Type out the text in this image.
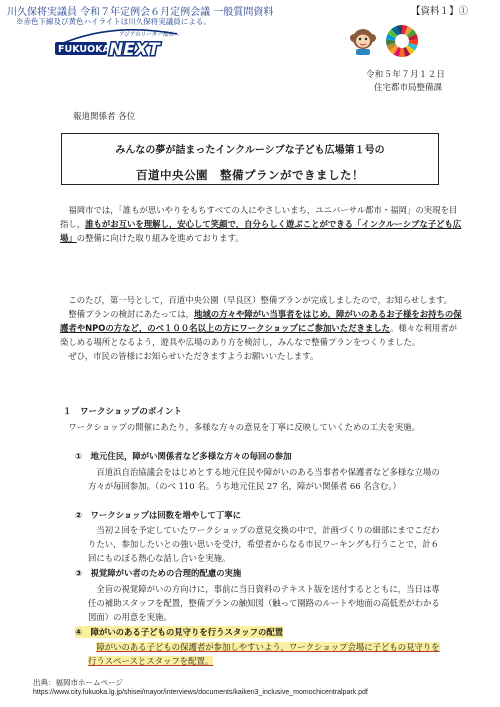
川久保将実議員 令和７年定例会６月定例会議 一般質問資料
※赤色下線及び黄色ハイライトは川久保将実議員による。
【資料１】①
アジアのリーダー都市へ
FUKUOKA NEXT
令和５年７月１２日
住宅都市局整備課
報道関係者 各位
みんなの夢が詰まったインクルーシブな子ども広場第１号の
百道中央公園　整備プランができました！
　福岡市では，「誰もが思いやりをもちすべての人にやさしいまち，ユニバーサル都市・福岡」の実現を目指し，誰もがお互いを理解し，安心して笑顔で，自分らしく遊ぶことができる「インクルーシブな子ども広場」の整備に向けた取り組みを進めております。
　このたび，第一号として，百道中央公園（早良区）整備プランが完成しましたので，お知らせします。
　整備プランの検討にあたっては，地域の方々や障がい当事者をはじめ，障がいのあるお子様をお持ちの保護者やNPOの方など，のべ１００名以上の方にワークショップにご参加いただきました。様々な利用者が楽しめる場所となるよう，遊具や広場のあり方を検討し，みんなで整備プランをつくりました。
　ぜひ，市民の皆様にお知らせいただきますようお願いいたします。
１　ワークショップのポイント
　ワークショップの開催にあたり，多様な方々の意見を丁寧に反映していくための工夫を実施。
①　地元住民，障がい関係者など多様な方々の毎回の参加
　百道浜自治協議会をはじめとする地元住民や障がいのある当事者や保護者など多様な立場の方々が毎回参加。（のべ 110 名。うち地元住民 27 名，障がい関係者 66 名含む。）
②　ワークショップは回数を増やして丁寧に
　当初２回を予定していたワークショップの意見交換の中で，計画づくりの細部にまでこだわりたい，参加したいとの強い思いを受け，希望者からなる市民ワーキングも行うことで，計６回にものぼる熱心な話し合いを実施。
③　視覚障がい者のための合理的配慮の実施
　全盲の視覚障がいの方向けに，事前に当日資料のテキスト版を送付するとともに，当日は専任の補助スタッフを配置，整備プランの触知図（触って園路のルートや地面の高低差がわかる図面）の用意を実施。
④　障がいのある子どもの見守りを行うスタッフの配置
　障がいのある子どもの保護者が参加しやすいよう，ワークショップ会場に子どもの見守りを行うスペースとスタッフを配置。
出典：福岡市ホームページ
https://www.city.fukuoka.lg.jp/shisei/mayor/interviews/documents/kaiken3_inclusive_momochicentralpark.pdf
